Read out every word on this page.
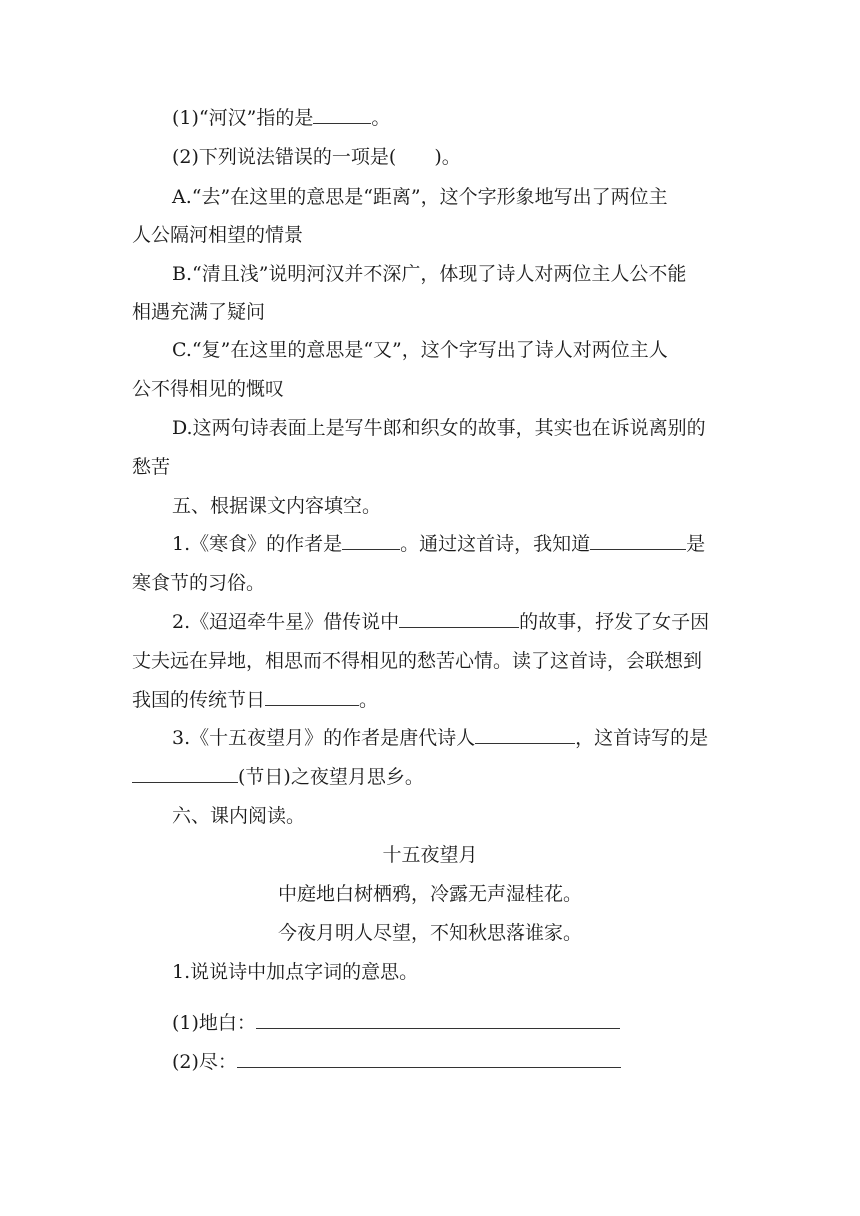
(1)“河汉”指的是	。
(2)下列说法错误的一项是( )。
A.“去”在这里的意思是“距离”，这个字形象地写出了两位主
人公隔河相望的情景
B.“清且浅”说明河汉并不深广，体现了诗人对两位主人公不能
相遇充满了疑问
C.“复”在这里的意思是“又”，这个字写出了诗人对两位主人
公不得相见的慨叹
D.这两句诗表面上是写牛郎和织女的故事，其实也在诉说离别的
愁苦
五、根据课文内容填空。
1.《寒食》的作者是	。通过这首诗，我知道	是
寒食节的习俗。
2.《迢迢牵牛星》借传说中	的故事，抒发了女子因
丈夫远在异地，相思而不得相见的愁苦心情。读了这首诗，会联想到
我国的传统节日	。
3.《十五夜望月》的作者是唐代诗人	，这首诗写的是
(节日)之夜望月思乡。
六、课内阅读。
十五夜望月
中庭地白树栖鸦，冷露无声湿桂花。
今夜月明人尽望，不知秋思落谁家。
1.说说诗中加点字词的意思。
(1)地白：
(2)尽：
